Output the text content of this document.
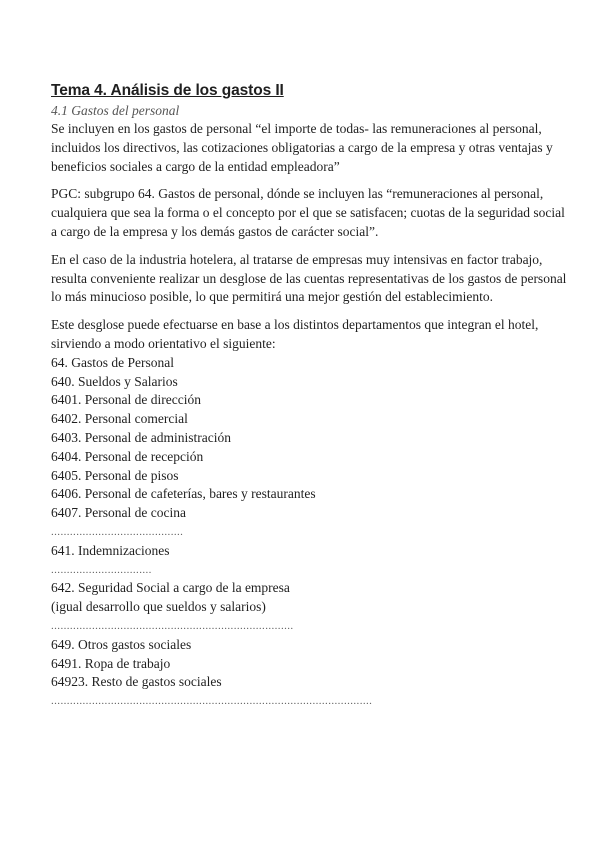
Tema 4. Análisis de los gastos II
4.1 Gastos del personal

Se incluyen en los gastos de personal “el importe de todas- las remuneraciones al personal, incluidos los directivos, las cotizaciones obligatorias a cargo de la empresa y otras ventajas y beneficios sociales a cargo de la entidad empleadora”

PGC: subgrupo 64. Gastos de personal, dónde se incluyen las “remuneraciones al personal, cualquiera que sea la forma o el concepto por el que se satisfacen; cuotas de la seguridad social a cargo de la empresa y los demás gastos de carácter social”.

En el caso de la industria hotelera, al tratarse de empresas muy intensivas en factor trabajo, resulta conveniente realizar un desglose de las cuentas representativas de los gastos de personal lo más minucioso posible, lo que permitirá una mejor gestión del establecimiento.

Este desglose puede efectuarse en base a los distintos departamentos que integran el hotel, sirviendo a modo orientativo el siguiente:

64. Gastos de Personal
640. Sueldos y Salarios
6401. Personal de dirección
6402. Personal comercial
6403. Personal de administración
6404. Personal de recepción
6405. Personal de pisos
6406. Personal de cafeterías, bares y restaurantes
6407. Personal de cocina
..........................................
641. Indemnizaciones
................................
642. Seguridad Social a cargo de la empresa
(igual desarrollo que sueldos y salarios)
.............................................................................
649. Otros gastos sociales
6491. Ropa de trabajo
64923. Resto de gastos sociales
......................................................................................................
